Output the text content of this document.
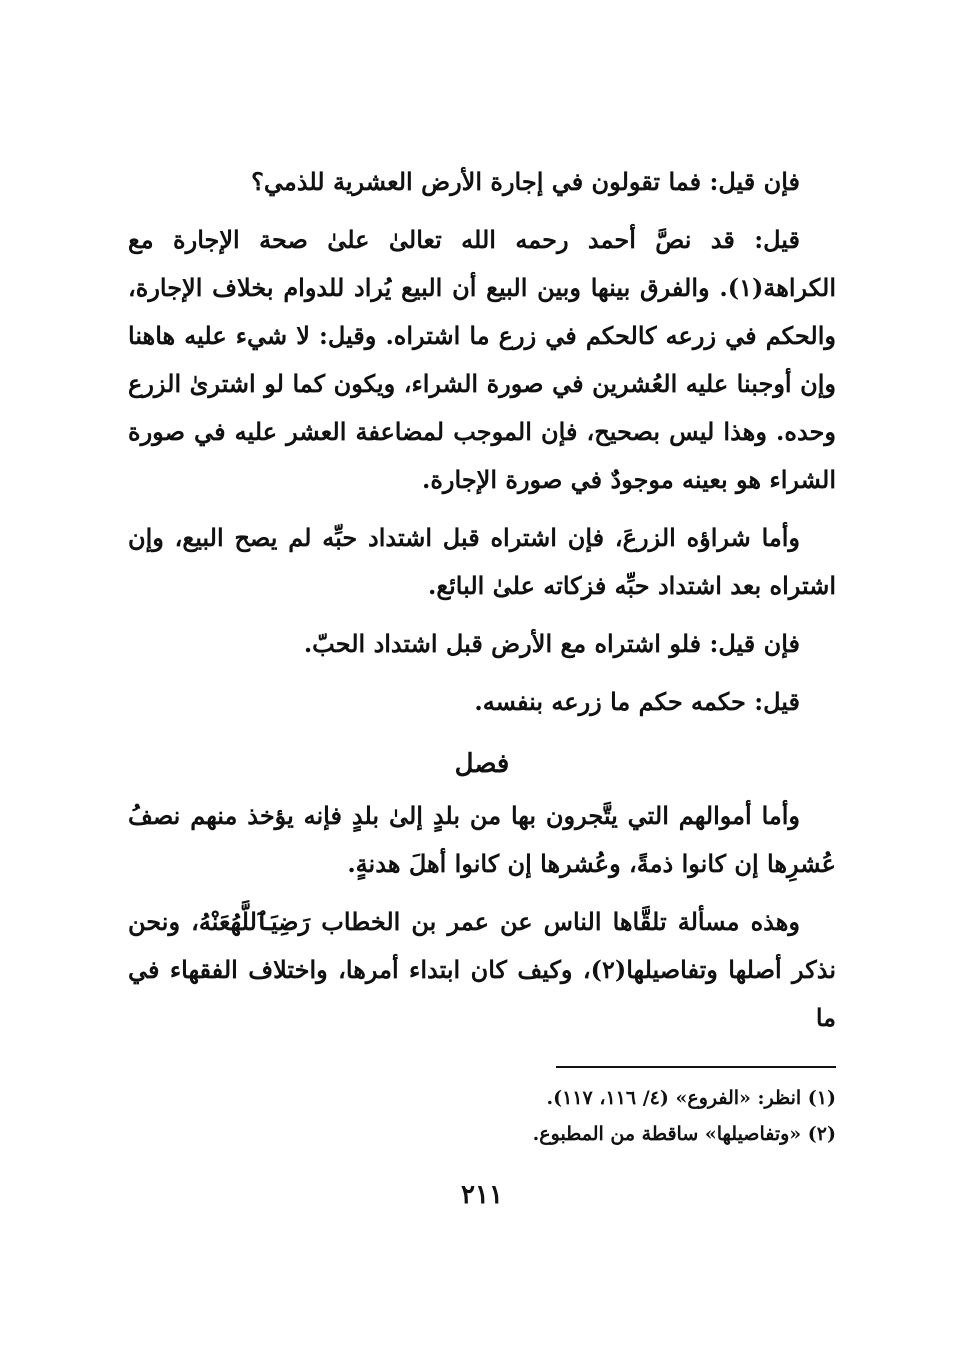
فإن قيل: فما تقولون في إجارة الأرض العشرية للذمي؟

قيل: قد نصَّ أحمد رحمه الله تعالىٰ علىٰ صحة الإجارة مع الكراهة(١). والفرق بينها وبين البيع أن البيع يُراد للدوام بخلاف الإجارة، والحكم في زرعه كالحكم في زرع ما اشتراه. وقيل: لا شيء عليه هاهنا وإن أوجبنا عليه العُشرين في صورة الشراء، ويكون كما لو اشترىٰ الزرع وحده. وهذا ليس بصحيح، فإن الموجب لمضاعفة العشر عليه في صورة الشراء هو بعينه موجودٌ في صورة الإجارة.

وأما شراؤه الزرعَ، فإن اشتراه قبل اشتداد حبِّه لم يصح البيع، وإن اشتراه بعد اشتداد حبِّه فزكاته علىٰ البائع.

فإن قيل: فلو اشتراه مع الأرض قبل اشتداد الحبّ.

قيل: حكمه حكم ما زرعه بنفسه.

فصل

وأما أموالهم التي يتَّجرون بها من بلدٍ إلىٰ بلدٍ فإنه يؤخذ منهم نصفُ عُشرِها إن كانوا ذمةً، وعُشرها إن كانوا أهلَ هدنةٍ.

وهذه مسألة تلقَّاها الناس عن عمر بن الخطاب رَضِيَٱللَّهُعَنْهُ، ونحن نذكر أصلها وتفاصيلها(٢)، وكيف كان ابتداء أمرها، واختلاف الفقهاء في ما

(١) انظر: «الفروع» (٤/ ١١٦، ١١٧).

(٢) «وتفاصيلها» ساقطة من المطبوع.

٢١١
